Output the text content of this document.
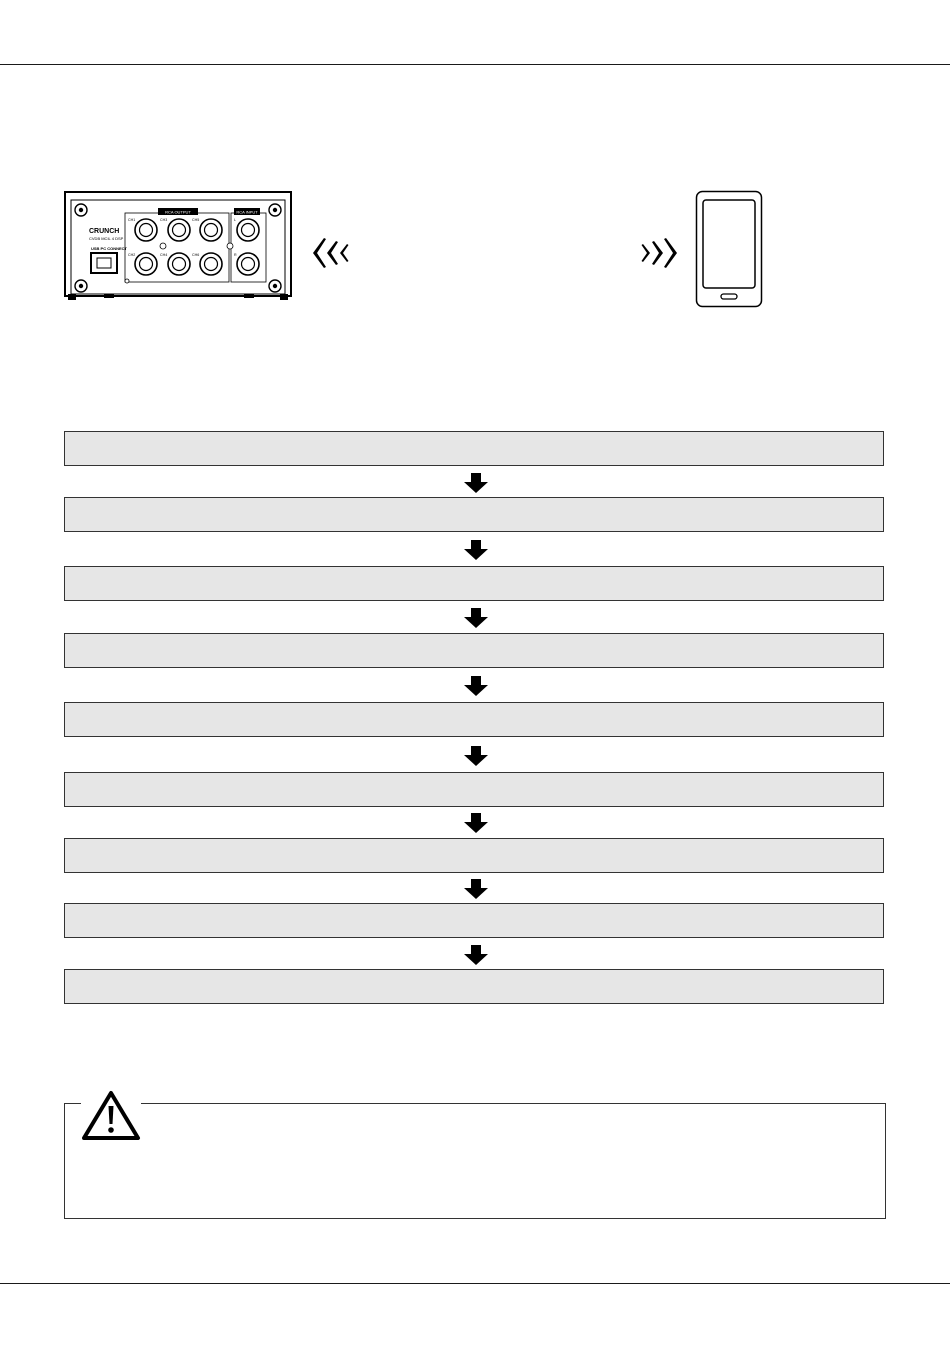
CRUNCH
CVDB MCIL 4 DSP
USB PC CONNECT
RCA OUTPUT	RCA INPUT
CH1	CH3	CH5
CH2	CH4	CH6
L
R
